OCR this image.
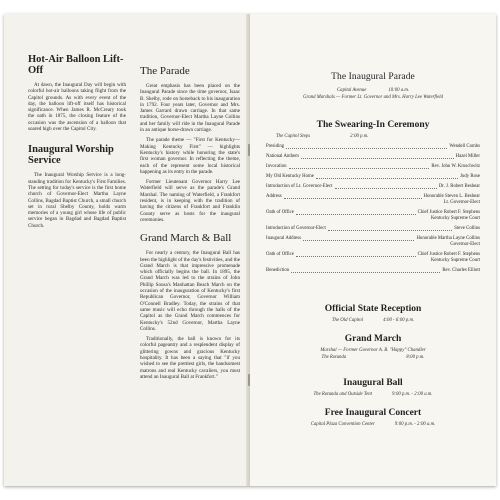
Hot-Air Balloon Lift-Off

At dawn, the Inaugural Day will begin with colorful hot-air balloons taking flight from the Capitol grounds. As with every event of the day, the balloon lift-off itself has historical significance. When James R. McCreary took the oath in 1875, the closing feature of the occasion was the ascension of a balloon that soared high over the Capitol City.

Inaugural Worship Service

The Inaugural Worship Service is a long-standing tradition for Kentucky's First Families. The setting for today's service is the first home church of Governor-Elect Martha Layne Collins, Bagdad Baptist Church, a small church set in rural Shelby County, holds warm memories of a young girl whose life of public service began in Bagdad and Bagdad Baptist Church.

The Parade

Great emphasis has been placed on the Inaugural Parade since the time governor, Isaac B. Shelby, rode on horseback to his inauguration in 1792. Four years later, Governor and Mrs. James Garrard drawn carriage. In that same tradition, Governor-Elect Martha Layne Collins and her family will ride in the Inaugural Parade in an antique horse-drawn carriage.

The parade theme — "First for Kentucky—Making Kentucky First" — highlights Kentucky's history while honoring the state's first woman governor. In reflecting the theme, each of the represent some local historical happening as its entry in the parade.

Former Lieutenant Governor Harry Lee Waterfield will serve as the parade's Grand Marshal. The naming of Waterfield, a Frankfort resident, is in keeping with the tradition of having the citizens of Frankfort and Franklin County serve as hosts for the inaugural ceremonies.

Grand March & Ball

For nearly a century, the Inaugural Ball has been the highlight of the day's festivities, and the Grand March is that impressive promenade which officially begins the ball. In 1895, the Grand March was led to the strains of John Phillip Sousa's Manhattan Beach March on the occasion of the inauguration of Kentucky's first Republican Governor, Governor William O'Connell Bradley. Today, the strains of that same music will echo through the halls of the Capitol as the Grand March commences for Kentucky's 52nd Governor, Martha Layne Collins.

Traditionally, the ball is known for its colorful pageantry and a resplendent display of glittering gowns and gracious Kentucky hospitality. It has been a saying that "if you wished to see the prettiest girls, the handsomest matrons and real Kentucky cavaliers, you must attend an Inaugural Ball at Frankfort."

The Inaugural Parade
Capital Avenue	10:00 a.m.
Grand Marshals — Former Lt. Governor and Mrs. Harry Lee Waterfield
The Swearing-In Ceremony
The Capitol Steps	2:00 p.m.
Presiding	Wendell Combs
National Anthem	Hazel Miller
Invocation	Rev. John W. Kruschwitz
My Old Kentucky Home	Judy Rose
Introduction of Lt. Governor-Elect	Dr. J. Robert Beshear
Address	Honorable Steven L. Beshear
Lt. Governor-Elect
Oath of Office	Chief Justice Robert F. Stephens
Kentucky Supreme Court
Introduction of Governor-Elect	Steve Collins
Inaugural Address	Honorable Martha Layne Collins
Governor-Elect
Oath of Office	Chief Justice Robert F. Stephens
Kentucky Supreme Court
Benediction	Rev. Charles Elliott
Official State Reception
The Old Capitol	4:00 - 6:00 p.m.
Grand March
Marshal — Former Governor A. B. "Happy" Chandler
The Rotunda	8:00 p.m.
Inaugural Ball
The Rotunda and Outside Tent	9:00 p.m. - 2:00 a.m.
Free Inaugural Concert
Capital Plaza Convention Center	9:00 p.m. - 2:00 a.m.
